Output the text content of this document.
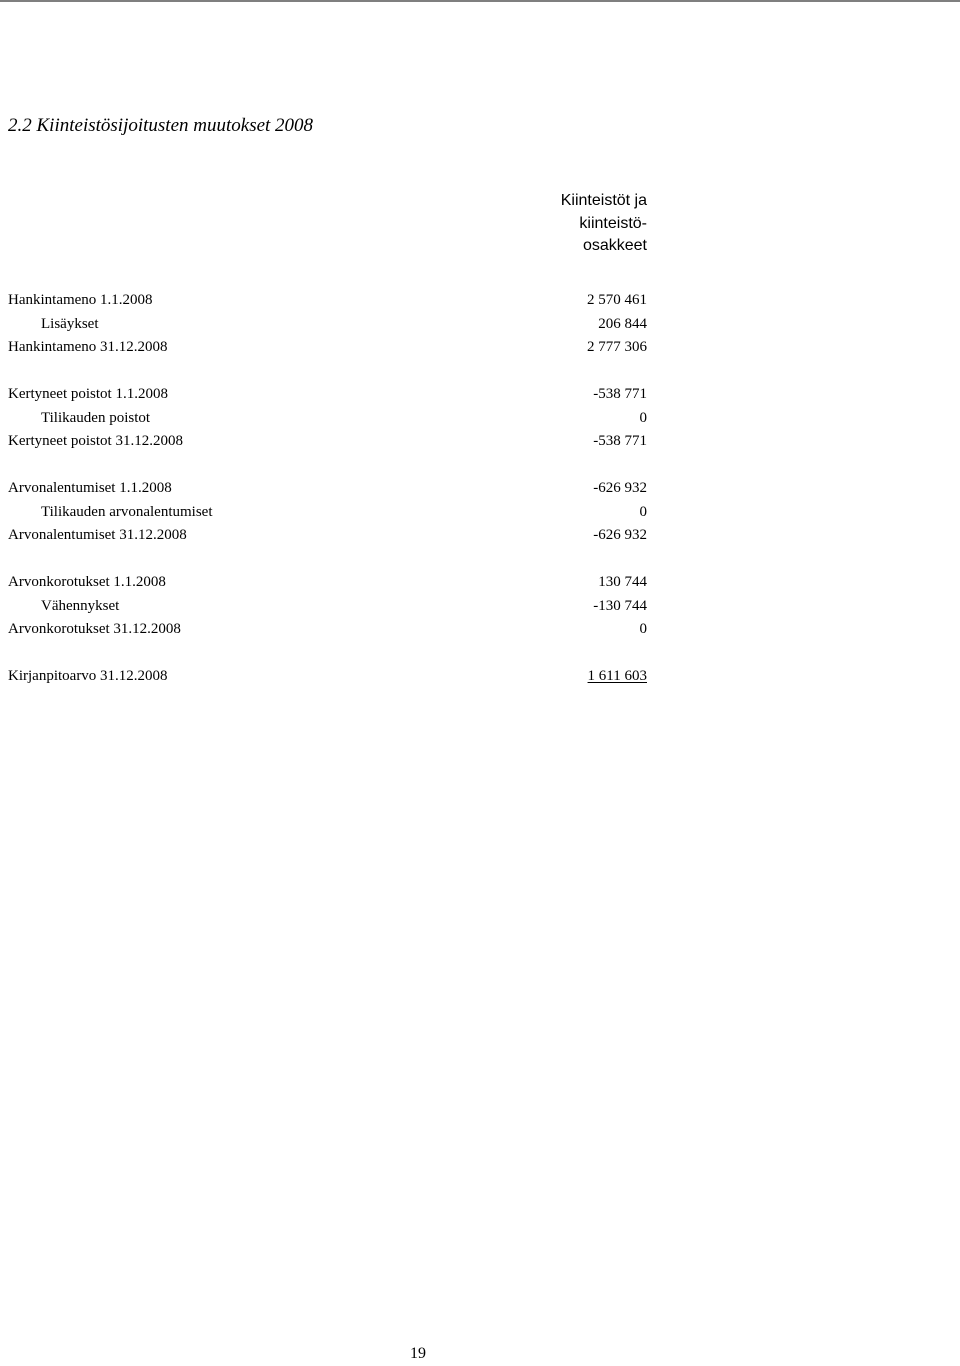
2.2 Kiinteistösijoitusten muutokset 2008
Kiinteistöt ja
kiinteistö-
osakkeet
Hankintameno 1.1.2008	2 570 461
Lisäykset	206 844
Hankintameno 31.12.2008	2 777 306
Kertyneet poistot 1.1.2008	-538 771
Tilikauden poistot	0
Kertyneet poistot 31.12.2008	-538 771
Arvonalentumiset 1.1.2008	-626 932
Tilikauden arvonalentumiset	0
Arvonalentumiset 31.12.2008	-626 932
Arvonkorotukset 1.1.2008	130 744
Vähennykset	-130 744
Arvonkorotukset 31.12.2008	0
Kirjanpitoarvo 31.12.2008	1 611 603
19
